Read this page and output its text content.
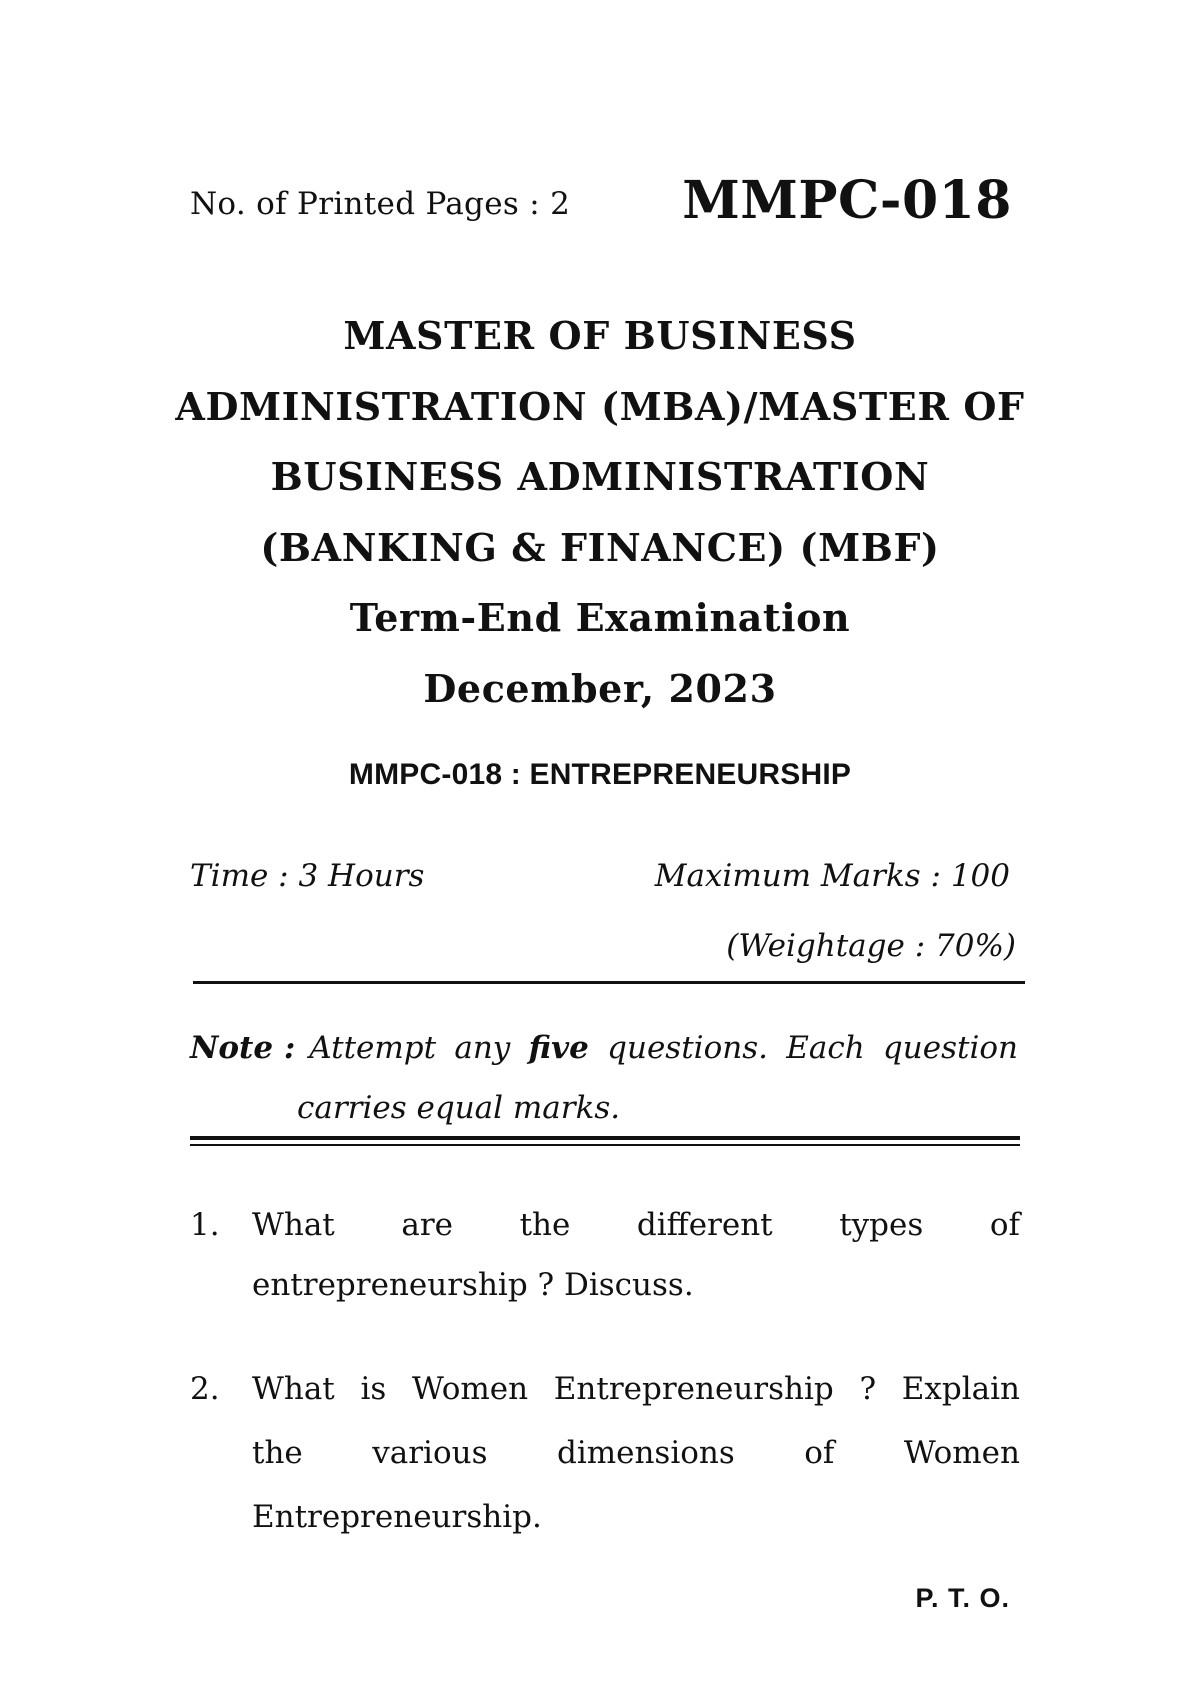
No. of Printed Pages : 2 MMPC-018
MASTER OF BUSINESS
ADMINISTRATION (MBA)/MASTER OF
BUSINESS ADMINISTRATION
(BANKING & FINANCE) (MBF)
Term-End Examination
December, 2023
MMPC-018 : ENTREPRENEURSHIP
Time : 3 Hours	Maximum Marks : 100
(Weightage : 70%)
Note : Attempt any five questions. Each question
carries equal marks.
1.	What are the different types of
entrepreneurship ? Discuss.
2.	What is Women Entrepreneurship ? Explain
the various dimensions of Women
Entrepreneurship.
P. T. O.
